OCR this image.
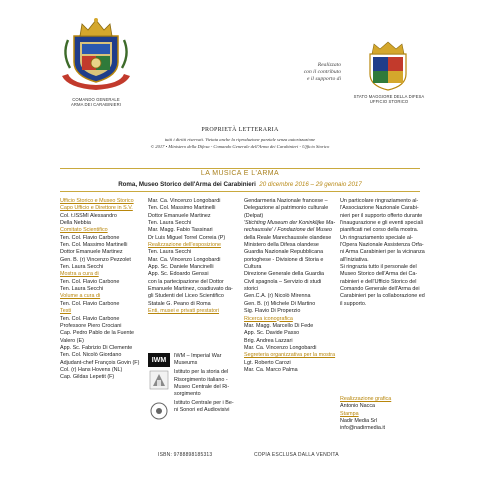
COMANDO GENERALE
ARMA DEI CARABINIERI
Realizzato
con il contributo
e il supporto di
STATO MAGGIORE DELLA DIFESA
UFFICIO STORICO
PROPRIETÀ LETTERARIA
tutti i diritti riservati. Vietata anche la riproduzione parziale senza autorizzazione
© 2017 • Ministero della Difesa - Comando Generale dell'Arma dei Carabinieri - Ufficio Storico
LA MUSICA E L'ARMA
Roma, Museo Storico dell'Arma dei Carabinieri 20 dicembre 2016 – 29 gennaio 2017
Ufficio Storico e Museo Storico
Capo Ufficio e Direttore in S.V.
Col. t.ISSMI Alessandro
Della Nebbia
Comitato Scientifico
Ten. Col. Flavio Carbone
Ten. Col. Massimo Martinelli
Dottor Emanuele Martinez
Gen. B. (r) Vincenzo Pezzolet
Ten. Laura Secchi
Mostra a cura di
Ten. Col. Flavio Carbone
Ten. Laura Secchi
Volume a cura di
Ten. Col. Flavio Carbone
Testi
Ten. Col. Flavio Carbone
Professore Piero Crociani
Cap. Pedro Pablo de la Fuente
Valero (E)
App. Sc. Fabrizio Di Clemente
Ten. Col. Nicolò Giordano
Adjudant-chef François Govin (F)
Col. (r) Hans Hovens (NL)
Cap. Gildas Lepetit (F)
Mar. Ca. Vincenzo Longobardi
Ten. Col. Massimo Martinelli
Dottor Emanuele Martinez
Ten. Laura Secchi
Mar. Magg. Fabio Tassinari
Dr Luis Miguel Torrel Correia (P)
Realizzazione dell'esposizione
Ten. Laura Secchi
Mar. Ca. Vincenzo Longobardi
App. Sc. Daniele Mancinelli
App. Sc. Edoardo Genssi
con la partecipazione del Dottor
Emanuele Martinez, coadiuvato da-
gli Studenti del Liceo Scientifico
Statale G. Peano di Roma
Enti, musei e privati prestatori
Gendarmeria Nazionale francese –
Delegazione al patrimonio culturale
(Delpat)
'Stichting Museum der Koninklijke Ma-
rechaussée' / Fondazione del Museo
della Reale Marechaussée olandese
Ministero della Difesa olandese
Guardia Nazionale Repubblicana
portoghese - Divisione di Storia e
Cultura
Direzione Generale della Guardia
Civil spagnola – Servizio di studi
storici
Gen.C.A. (r) Nicolò Mirenna
Gen. B. (r) Michele Di Martino
Sig. Flavio Di Properzio
Ricerca iconografica
Mar. Magg. Marcello Di Fede
App. Sc. Davide Passo
Brig. Andrea Lazzari
Mar. Ca. Vincenzo Longobardi
Segreteria organizzativa per la mostra
Lgt. Roberto Carozi
Mar. Ca. Marco Palma
Un particolare ringraziamento al-
l'Associazione Nazionale Carabi-
nieri per il supporto offerto durante
l'inaugurazione e gli eventi speciali
pianificati nel corso della mostra.
Un ringraziamento speciale al-
l'Opera Nazionale Assistenza Orfa-
ni Arma Carabinieri per la vicinanza
all'iniziativa.
Si ringrazia tutto il personale del
Museo Storico dell'Arma dei Ca-
rabinieri e dell'Ufficio Storico del
Comando Generale dell'Arma dei
Carabinieri per la collaborazione ed
il supporto.
Realizzazione grafica
Antonio Nacca
Stampa
Nadir Media Srl
info@nadirmedia.it
IWM
IWM – Imperial War
Museums
Istituto per la storia del
Risorgimento italiano -
Museo Centrale del Ri-
sorgimento
Istituto Centrale per i Be-
ni Sonori ed Audiovisivi
ISBN: 9788898185313	COPIA ESCLUSA DALLA VENDITA
